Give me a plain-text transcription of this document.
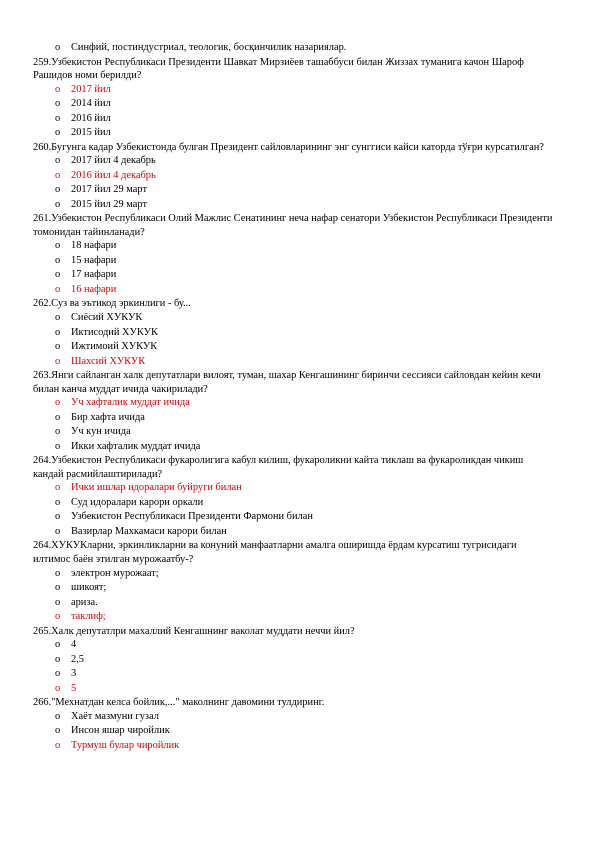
o Синфий, постиндустриал, теологик, босқинчилик назариялар.
259.Узбекистон Республикаси Президенти Шавкат Мирзиёев ташаббуси билан Жиззах туманига качон Шароф Рашидов номи берилди?
o 2017 йил
o 2014 йил
o 2016 йил
o 2015 йил
260.Бугунга кадар Узбекистонда булган Президент сайловларининг энг сунггиси кайси каторда тўғри курсатилган?
o 2017 йил 4 декабрь
o 2016 йил 4 декабрь
o 2017 йил 29 март
o 2015 йил 29 март
261.Узбекистон Республикаси Олий Мажлис Сенатининг неча нафар сенатори Узбекистон Республикаси Президенти томонидан тайинланади?
o 18 нафари
o 15 нафари
o 17 нафари
o 16 нафари
262.Суз ва эътикод эркинлиги - бу...
o Сиёсий ХУКУК
o Иктисодий ХУКУК
o Ижтимоий ХУКУК
o Шахсий ХУКУК
263.Янги сайланган халк депутатлари вилоят, туман, шахар Кенгашининг биринчи сессияси сайловдан кейин кечи билан канча муддат ичида чакирилади?
o Уч хафталик муддат ичида
o Бир хафта ичида
o Уч кун ичида
o Икки хафталик муддат ичида
264.Узбекистон Республикаси фукаролигига кабул килиш, фукароликни кайта тиклаш ва фукароликдан чикиш кандай расмийлаштирилади?
o Ички ишлар идоралари буйруги билан
o Суд идоралари карори оркали
o Узбекистон Республикаси Президенти Фармони билан
o Вазирлар Махкамаси карори билан
264.ХУКУКларни, эркинликларни ва конуний манфаатларни амалга оширишда ёрдам курсатиш тугрисидаги илтимос баён этилган мурожаатбу-?
o электрон мурожаат;
o шикоят;
o ариза.
o таклиф;
265.Халк депутатлри махаллий Кенгашнинг ваколат муддати неччи йил?
o 4
o 2,5
o 3
o 5
266."Мехнатдан келса бойлик,..." маколнинг давомини тулдиринг.
o Хаёт мазмуни гузал
o Инсон яшар чиройлик
o Турмуш булар чиройлик
